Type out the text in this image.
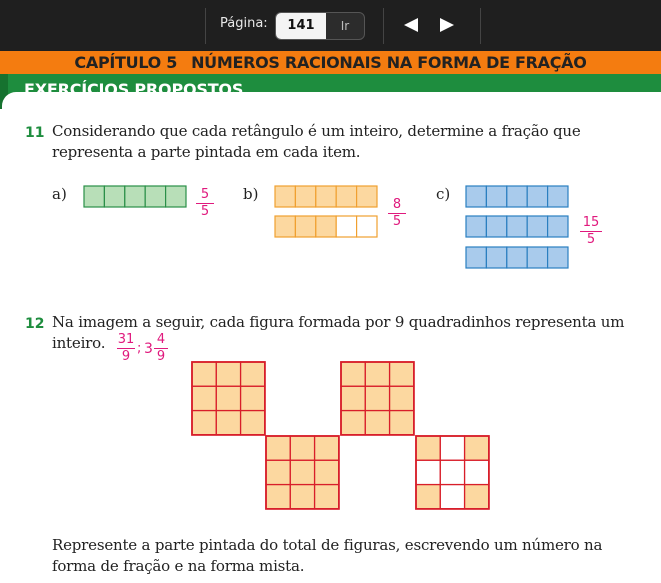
Página:	141	Ir
CAPÍTULO 5 NÚMEROS RACIONAIS NA FORMA DE FRAÇÃO
EXERCÍCIOS PROPOSTOS
11 Considerando que cada retângulo é um inteiro, determine a fração que
representa a parte pintada em cada item.
a)	b)	c)
5
5	8
5	15
5
12 Na imagem a seguir, cada figura formada por 9 quadradinhos representa um
inteiro. 31
9
; 3
4
9
Represente a parte pintada do total de figuras, escrevendo um número na
forma de fração e na forma mista.
